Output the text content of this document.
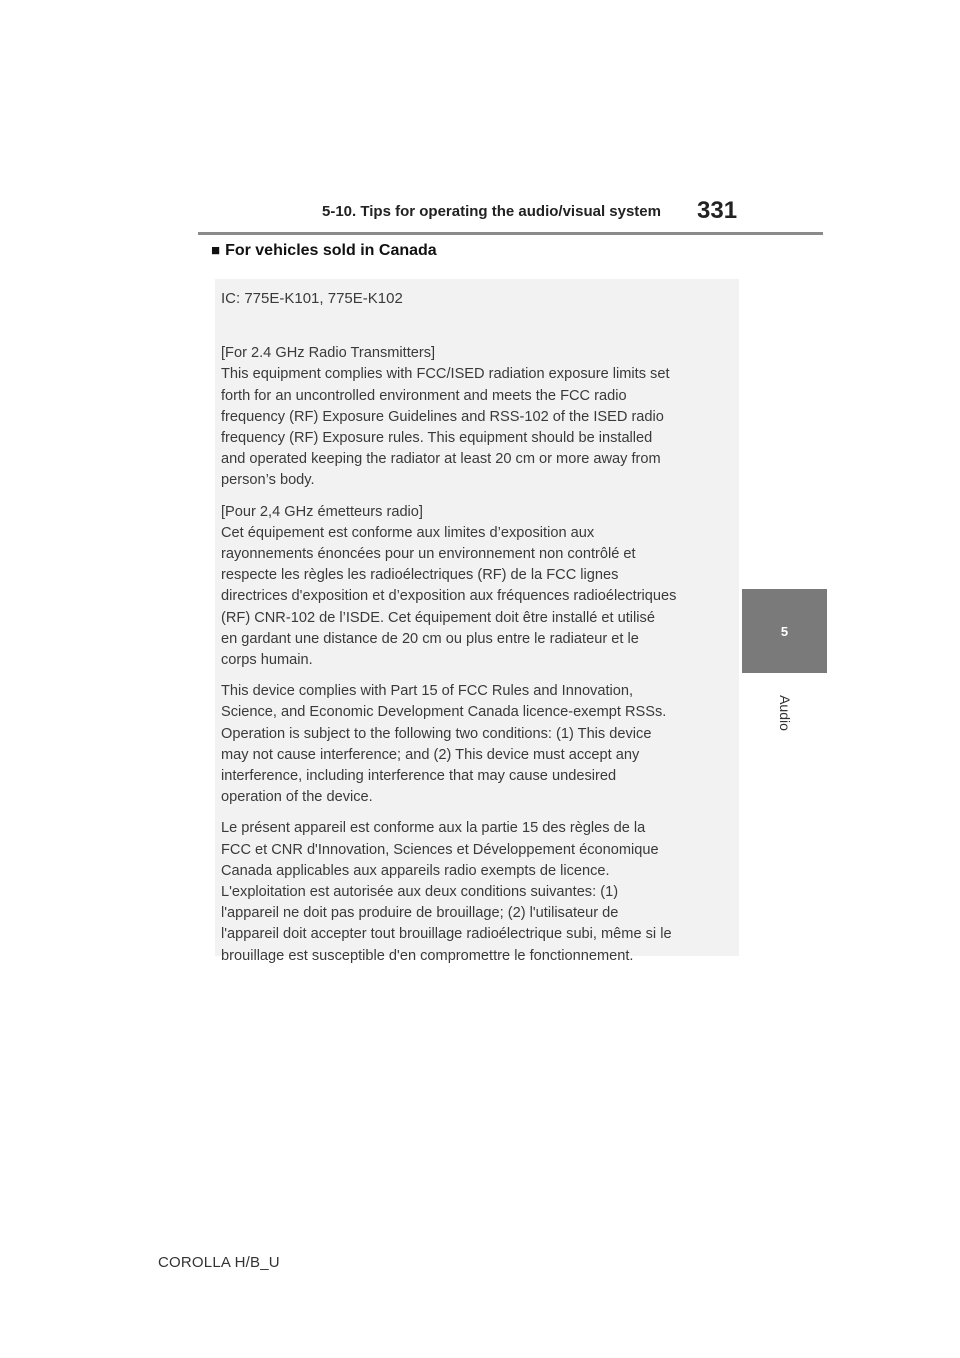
5-10. Tips for operating the audio/visual system 331
5
Audio
■ For vehicles sold in Canada
IC: 775E-K101, 775E-K102
[For 2.4 GHz Radio Transmitters]
This equipment complies with FCC/ISED radiation exposure limits set
forth for an uncontrolled environment and meets the FCC radio
frequency (RF) Exposure Guidelines and RSS-102 of the ISED radio
frequency (RF) Exposure rules. This equipment should be installed
and operated keeping the radiator at least 20 cm or more away from
person’s body.
[Pour 2,4 GHz émetteurs radio]
Cet équipement est conforme aux limites d’exposition aux
rayonnements énoncées pour un environnement non contrôlé et
respecte les règles les radioélectriques (RF) de la FCC lignes
directrices d'exposition et d’exposition aux fréquences radioélectriques
(RF) CNR-102 de l’ISDE. Cet équipement doit être installé et utilisé
en gardant une distance de 20 cm ou plus entre le radiateur et le
corps humain.
This device complies with Part 15 of FCC Rules and Innovation,
Science, and Economic Development Canada licence-exempt RSSs.
Operation is subject to the following two conditions: (1) This device
may not cause interference; and (2) This device must accept any
interference, including interference that may cause undesired
operation of the device.
Le présent appareil est conforme aux la partie 15 des règles de la
FCC et CNR d'Innovation, Sciences et Développement économique
Canada applicables aux appareils radio exempts de licence.
L'exploitation est autorisée aux deux conditions suivantes: (1)
l'appareil ne doit pas produire de brouillage; (2) l'utilisateur de
l'appareil doit accepter tout brouillage radioélectrique subi, même si le
brouillage est susceptible d'en compromettre le fonctionnement.
COROLLA H/B_U
